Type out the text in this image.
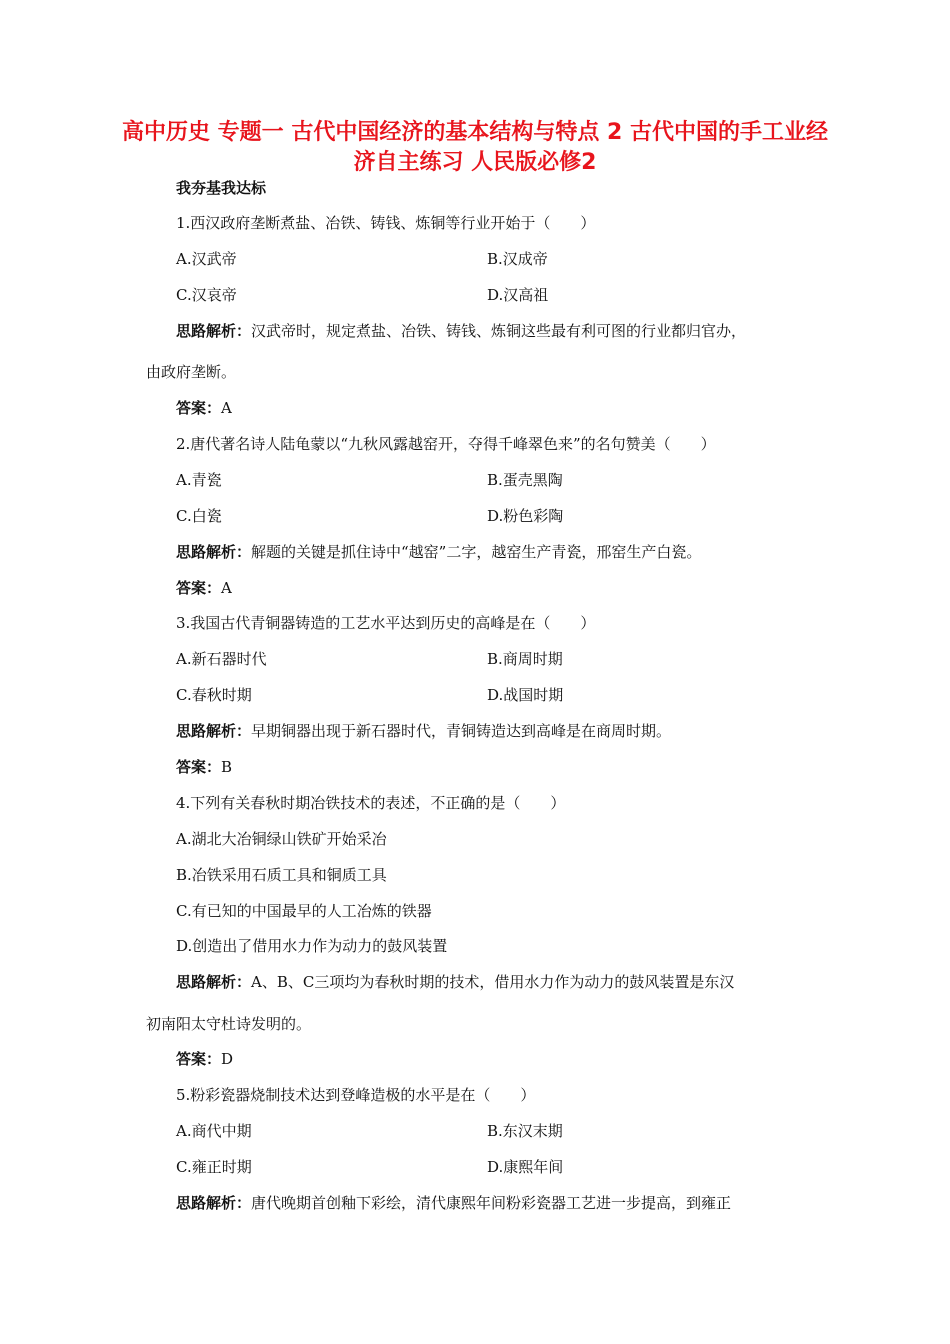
高中历史 专题一 古代中国经济的基本结构与特点 2 古代中国的手工业经济自主练习 人民版必修2
我夯基我达标
1.西汉政府垄断煮盐、冶铁、铸钱、炼铜等行业开始于（　　）
A.汉武帝	B.汉成帝
C.汉哀帝	D.汉高祖
思路解析：汉武帝时，规定煮盐、冶铁、铸钱、炼铜这些最有利可图的行业都归官办，
由政府垄断。
答案：A
2.唐代著名诗人陆龟蒙以“九秋风露越窑开，夺得千峰翠色来”的名句赞美（　　）
A.青瓷	B.蛋壳黑陶
C.白瓷	D.粉色彩陶
思路解析：解题的关键是抓住诗中“越窑”二字，越窑生产青瓷，邢窑生产白瓷。
答案：A
3.我国古代青铜器铸造的工艺水平达到历史的高峰是在（　　）
A.新石器时代	B.商周时期
C.春秋时期	D.战国时期
思路解析：早期铜器出现于新石器时代，青铜铸造达到高峰是在商周时期。
答案：B
4.下列有关春秋时期冶铁技术的表述，不正确的是（　　）
A.湖北大冶铜绿山铁矿开始采冶
B.冶铁采用石质工具和铜质工具
C.有已知的中国最早的人工冶炼的铁器
D.创造出了借用水力作为动力的鼓风装置
思路解析：A、B、C三项均为春秋时期的技术，借用水力作为动力的鼓风装置是东汉
初南阳太守杜诗发明的。
答案：D
5.粉彩瓷器烧制技术达到登峰造极的水平是在（　　）
A.商代中期	B.东汉末期
C.雍正时期	D.康熙年间
思路解析：唐代晚期首创釉下彩绘，清代康熙年间粉彩瓷器工艺进一步提高，到雍正
